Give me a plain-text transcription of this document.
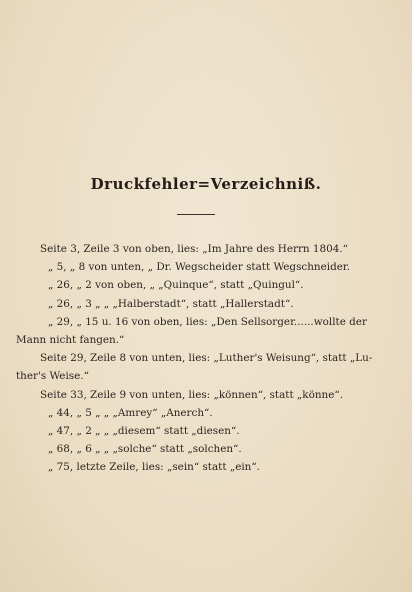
Druckfehler=Verzeichniß.
Seite 3, Zeile 3 von oben, lies: „Im Jahre des Herrn 1804.“
„ 5, „ 8 von unten, „ Dr. Wegscheider statt Wegschneider.
„ 26, „ 2 von oben, „ „Quinque“, statt „Quingul“.
„ 26, „ 3 „ „ „Halberstadt“, statt „Hallerstadt“.
„ 29, „ 15 u. 16 von oben, lies: „Den Sellsorger......wollte der
Mann nicht fangen.“
Seite 29, Zeile 8 von unten, lies: „Luther's Weisung“, statt „Lu-
ther's Weise.“
Seite 33, Zeile 9 von unten, lies: „können“, statt „könne“.
„ 44, „ 5 „ „ „Amrey“ „Anerch“.
„ 47, „ 2 „ „ „diesem“ statt „diesen“.
„ 68, „ 6 „ „ „solche“ statt „solchen“.
„ 75, letzte Zeile, lies: „sein“ statt „ein“.
